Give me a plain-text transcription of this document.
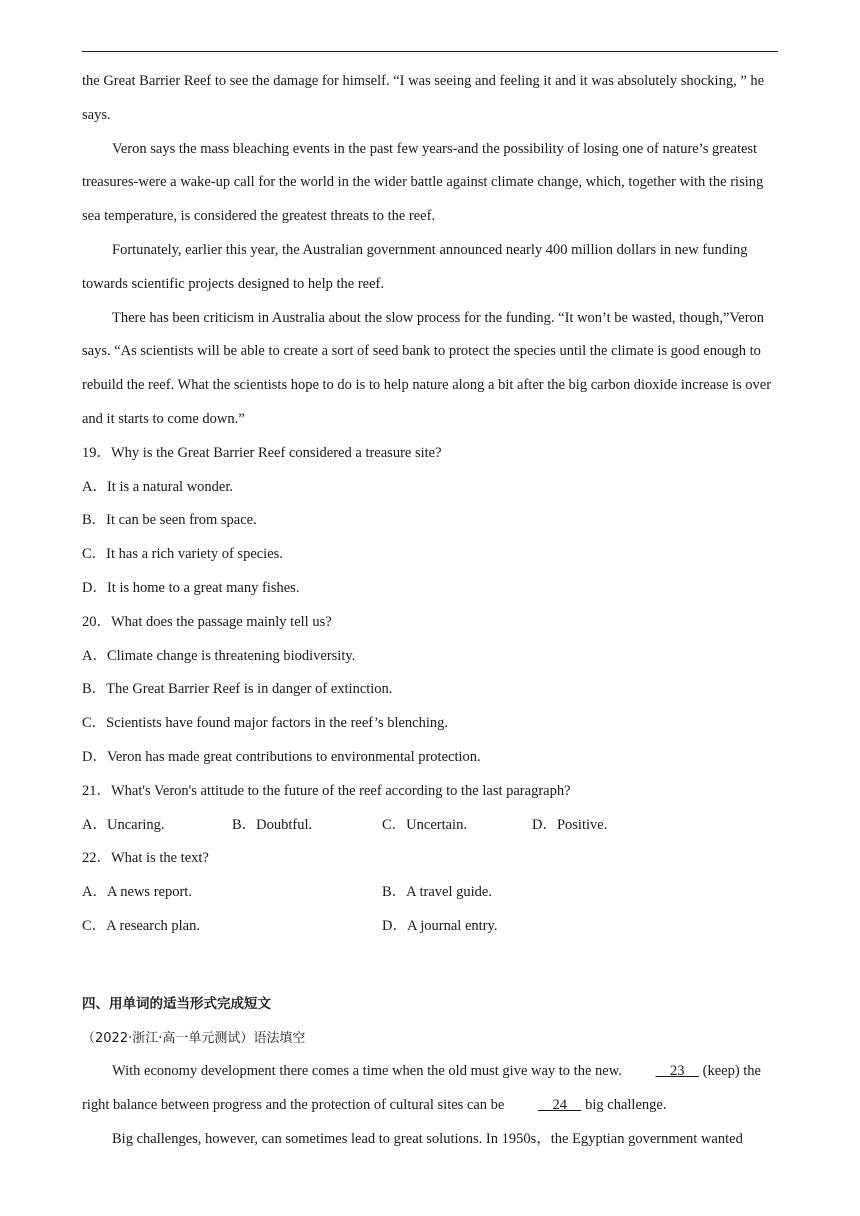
the Great Barrier Reef to see the damage for himself. “I was seeing and feeling it and it was absolutely shocking, ” he says.

Veron says the mass bleaching events in the past few years-and the possibility of losing one of nature’s greatest treasures-were a wake-up call for the world in the wider battle against climate change, which, together with the rising sea temperature, is considered the greatest threats to the reef.

Fortunately, earlier this year, the Australian government announced nearly 400 million dollars in new funding towards scientific projects designed to help the reef.

There has been criticism in Australia about the slow process for the funding. “It won’t be wasted, though,”Veron says. “As scientists will be able to create a sort of seed bank to protect the species until the climate is good enough to rebuild the reef. What the scientists hope to do is to help nature along a bit after the big carbon dioxide increase is over and it starts to come down.”

19．Why is the Great Barrier Reef considered a treasure site?

A．It is a natural wonder.

B．It can be seen from space.

C．It has a rich variety of species.

D．It is home to a great many fishes.

20．What does the passage mainly tell us?

A．Climate change is threatening biodiversity.

B．The Great Barrier Reef is in danger of extinction.

C．Scientists have found major factors in the reef’s blenching.

D．Veron has made great contributions to environmental protection.

21．What's Veron's attitude to the future of the reef according to the last paragraph?

A．Uncaring.	B．Doubtful.	C．Uncertain.	D．Positive.

22．What is the text?

A．A news report.	B．A travel guide.
C．A research plan.	D．A journal entry.

四、用单词的适当形式完成短文

（2022·浙江·高一单元测试）语法填空

With economy development there comes a time when the old must give way to the new.	23     (keep) the right balance between progress and the protection of cultural sites can be	24     big challenge.

Big challenges, however, can sometimes lead to great solutions. In 1950s，the Egyptian government wanted
